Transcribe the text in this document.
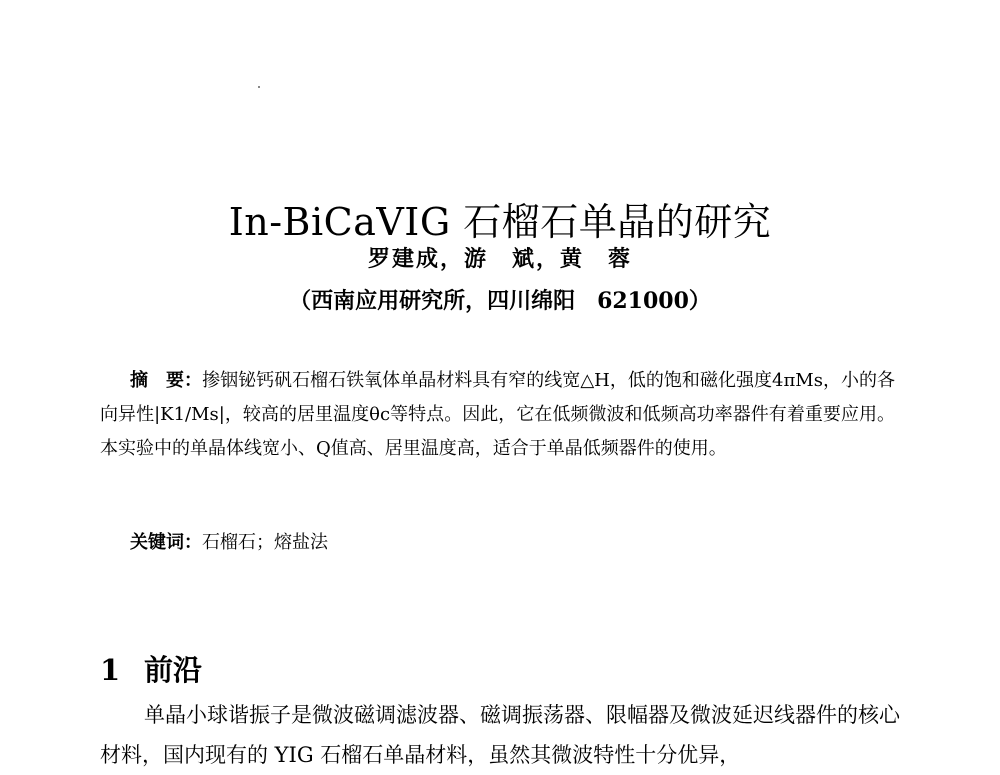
In-BiCaVIG 石榴石单晶的研究
罗建成，游　斌，黄　蓉
（西南应用研究所，四川绵阳　621000）

摘　要：掺铟铋钙矾石榴石铁氧体单晶材料具有窄的线宽△H，低的饱和磁化强度4πMs，小的各向异性|K1/Ms|，较高的居里温度θc等特点。因此，它在低频微波和低频高功率器件有着重要应用。本实验中的单晶体线宽小、Q值高、居里温度高，适合于单晶低频器件的使用。

关键词：石榴石；熔盐法
1 前沿

单晶小球谐振子是微波磁调滤波器、磁调振荡器、限幅器及微波延迟线器件的核心材料，国内现有的 YIG 石榴石单晶材料，虽然其微波特性十分优异，
